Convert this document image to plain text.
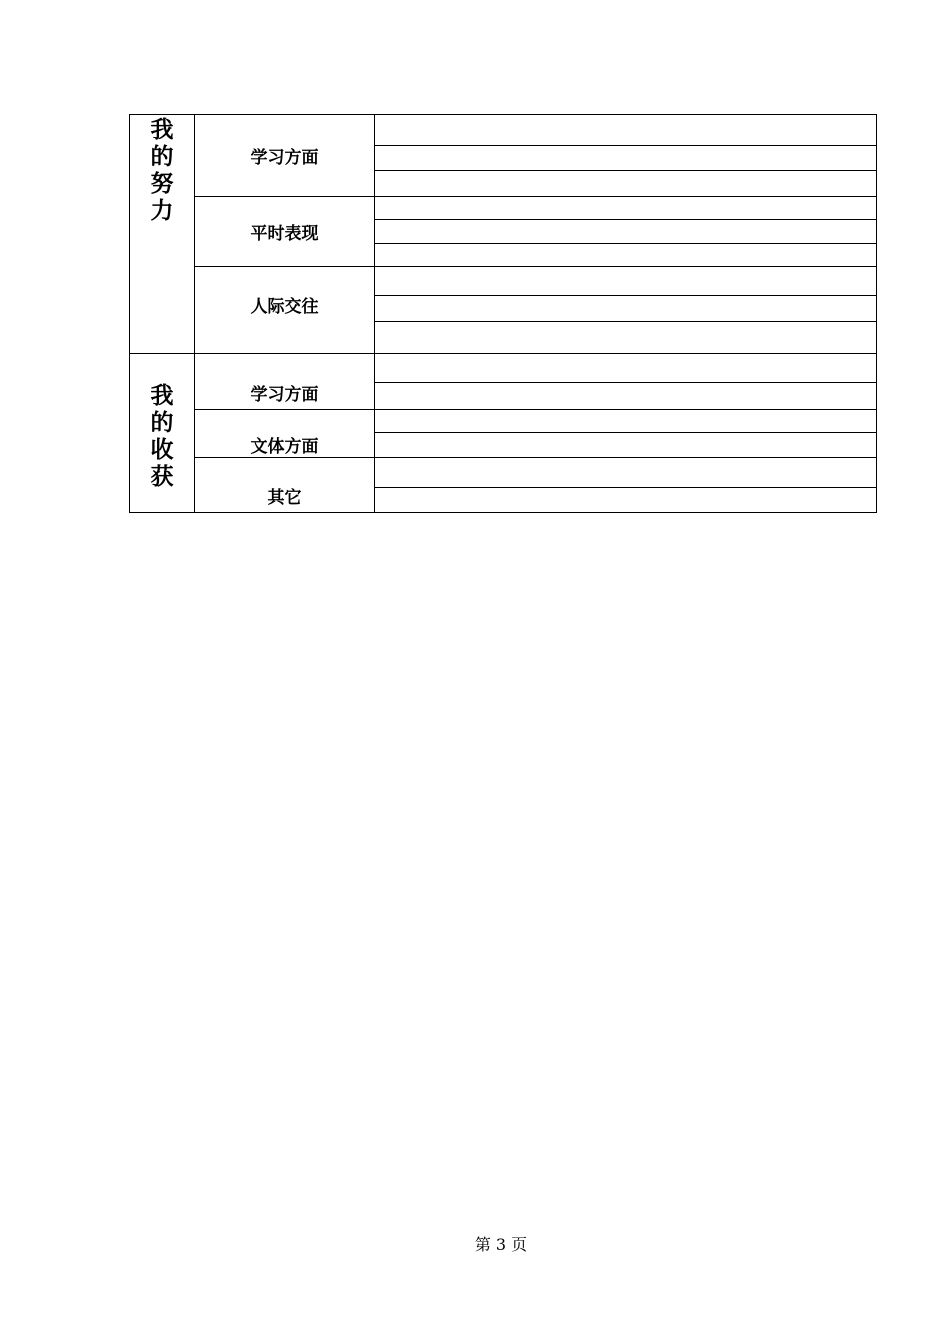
我的努力	学习方面	

	平时表现	

	人际交往	

我的收获	学习方面	

	文体方面	

	其它	

第 3 页
